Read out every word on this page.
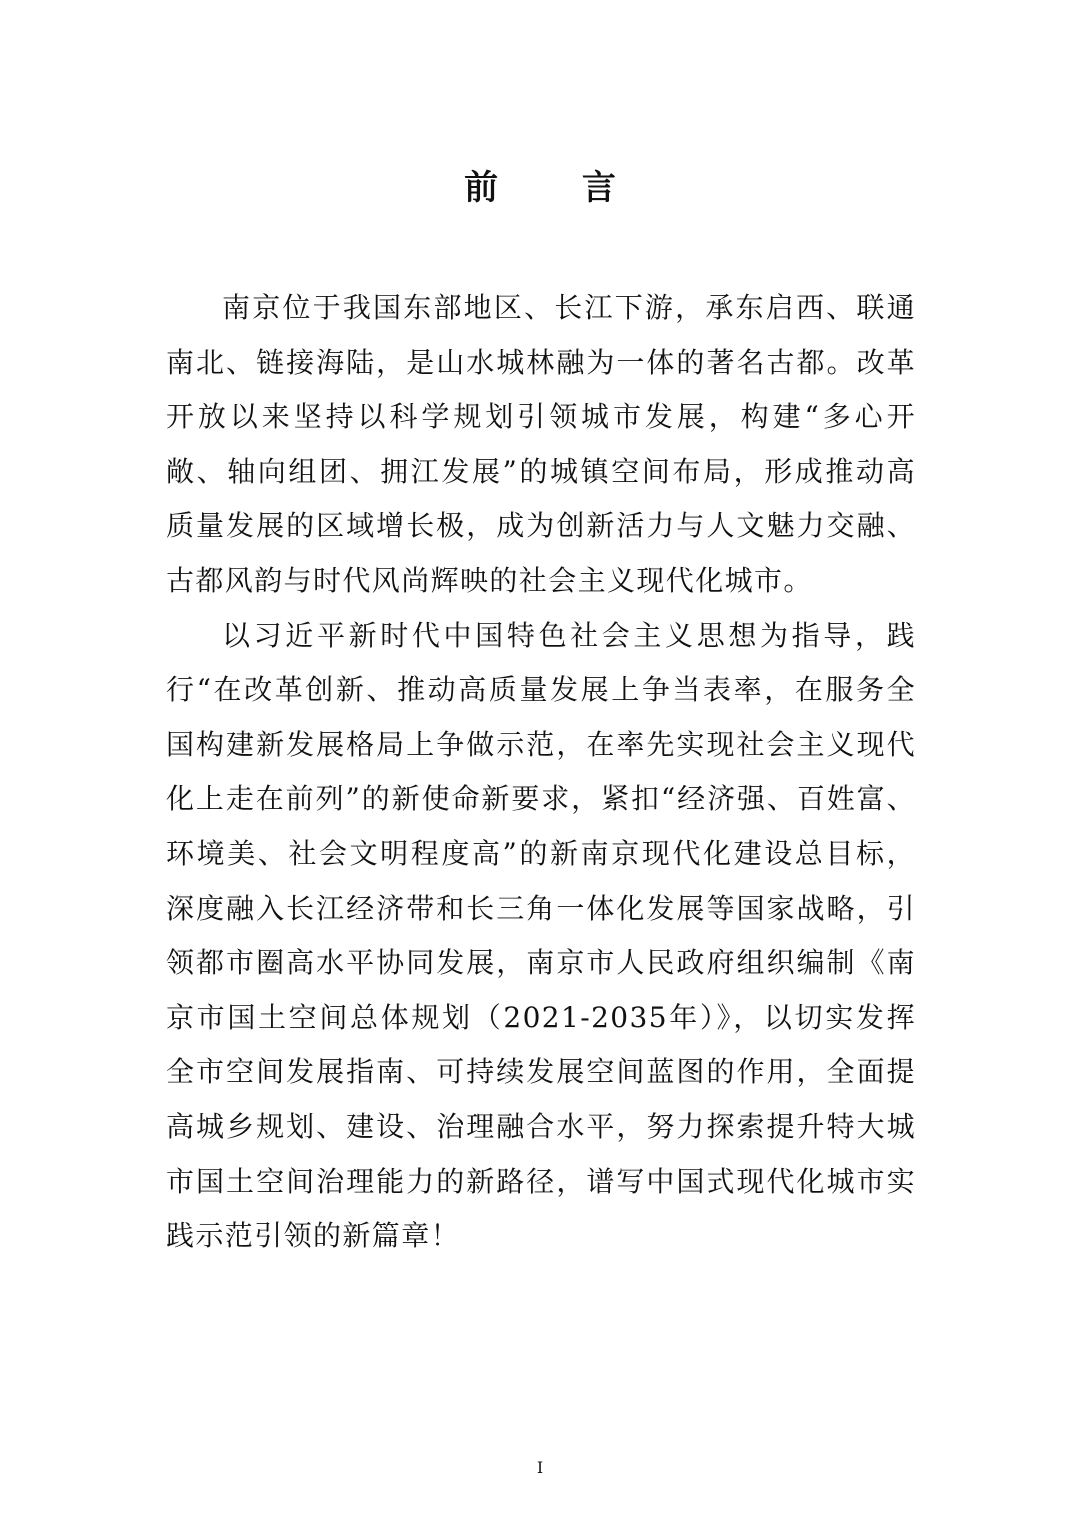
前 言

南京位于我国东部地区、长江下游，承东启西、联通南北、链接海陆，是山水城林融为一体的著名古都。改革开放以来坚持以科学规划引领城市发展，构建“多心开敞、轴向组团、拥江发展”的城镇空间布局，形成推动高质量发展的区域增长极，成为创新活力与人文魅力交融、古都风韵与时代风尚辉映的社会主义现代化城市。

以习近平新时代中国特色社会主义思想为指导，践行“在改革创新、推动高质量发展上争当表率，在服务全国构建新发展格局上争做示范，在率先实现社会主义现代化上走在前列”的新使命新要求，紧扣“经济强、百姓富、环境美、社会文明程度高”的新南京现代化建设总目标，深度融入长江经济带和长三角一体化发展等国家战略，引领都市圈高水平协同发展，南京市人民政府组织编制《南京市国土空间总体规划（2021-2035年）》，以切实发挥全市空间发展指南、可持续发展空间蓝图的作用，全面提高城乡规划、建设、治理融合水平，努力探索提升特大城市国土空间治理能力的新路径，谱写中国式现代化城市实践示范引领的新篇章！

I
